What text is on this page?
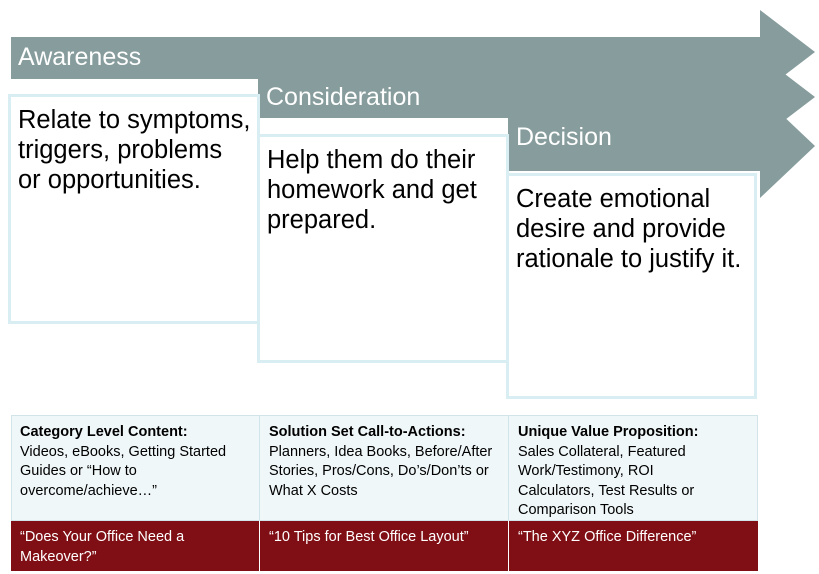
Awareness
Consideration
Decision
Relate to symptoms, triggers, problems or opportunities.
Help them do their homework and get prepared.
Create emotional desire and provide rationale to justify it.
Category Level Content:
Videos, eBooks, Getting Started Guides or “How to overcome/achieve…”
Solution Set Call-to-Actions:
Planners, Idea Books, Before/After Stories, Pros/Cons, Do’s/Don’ts or What X Costs
Unique Value Proposition:
Sales Collateral, Featured Work/Testimony, ROI Calculators, Test Results or Comparison Tools
“Does Your Office Need a Makeover?”
“10 Tips for Best Office Layout”	“The XYZ Office Difference”
